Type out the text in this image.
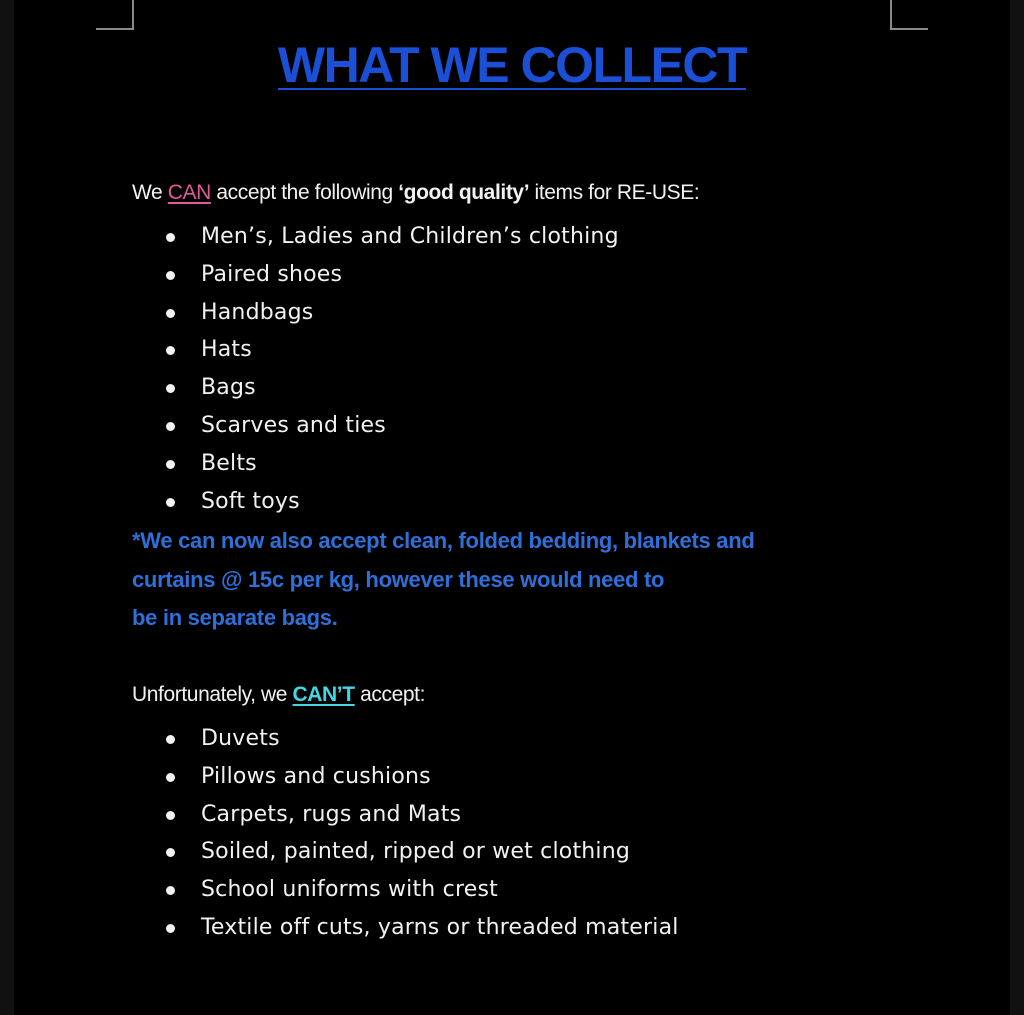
WHAT WE COLLECT
We CAN accept the following ‘good quality’ items for RE-USE:
Men’s, Ladies and Children’s clothing
Paired shoes
Handbags
Hats
Bags
Scarves and ties
Belts
Soft toys
*We can now also accept clean, folded bedding, blankets and
curtains @ 15c per kg, however these would need to
be in separate bags.
Unfortunately, we CAN’T accept:
Duvets
Pillows and cushions
Carpets, rugs and Mats
Soiled, painted, ripped or wet clothing
School uniforms with crest
Textile off cuts, yarns or threaded material
